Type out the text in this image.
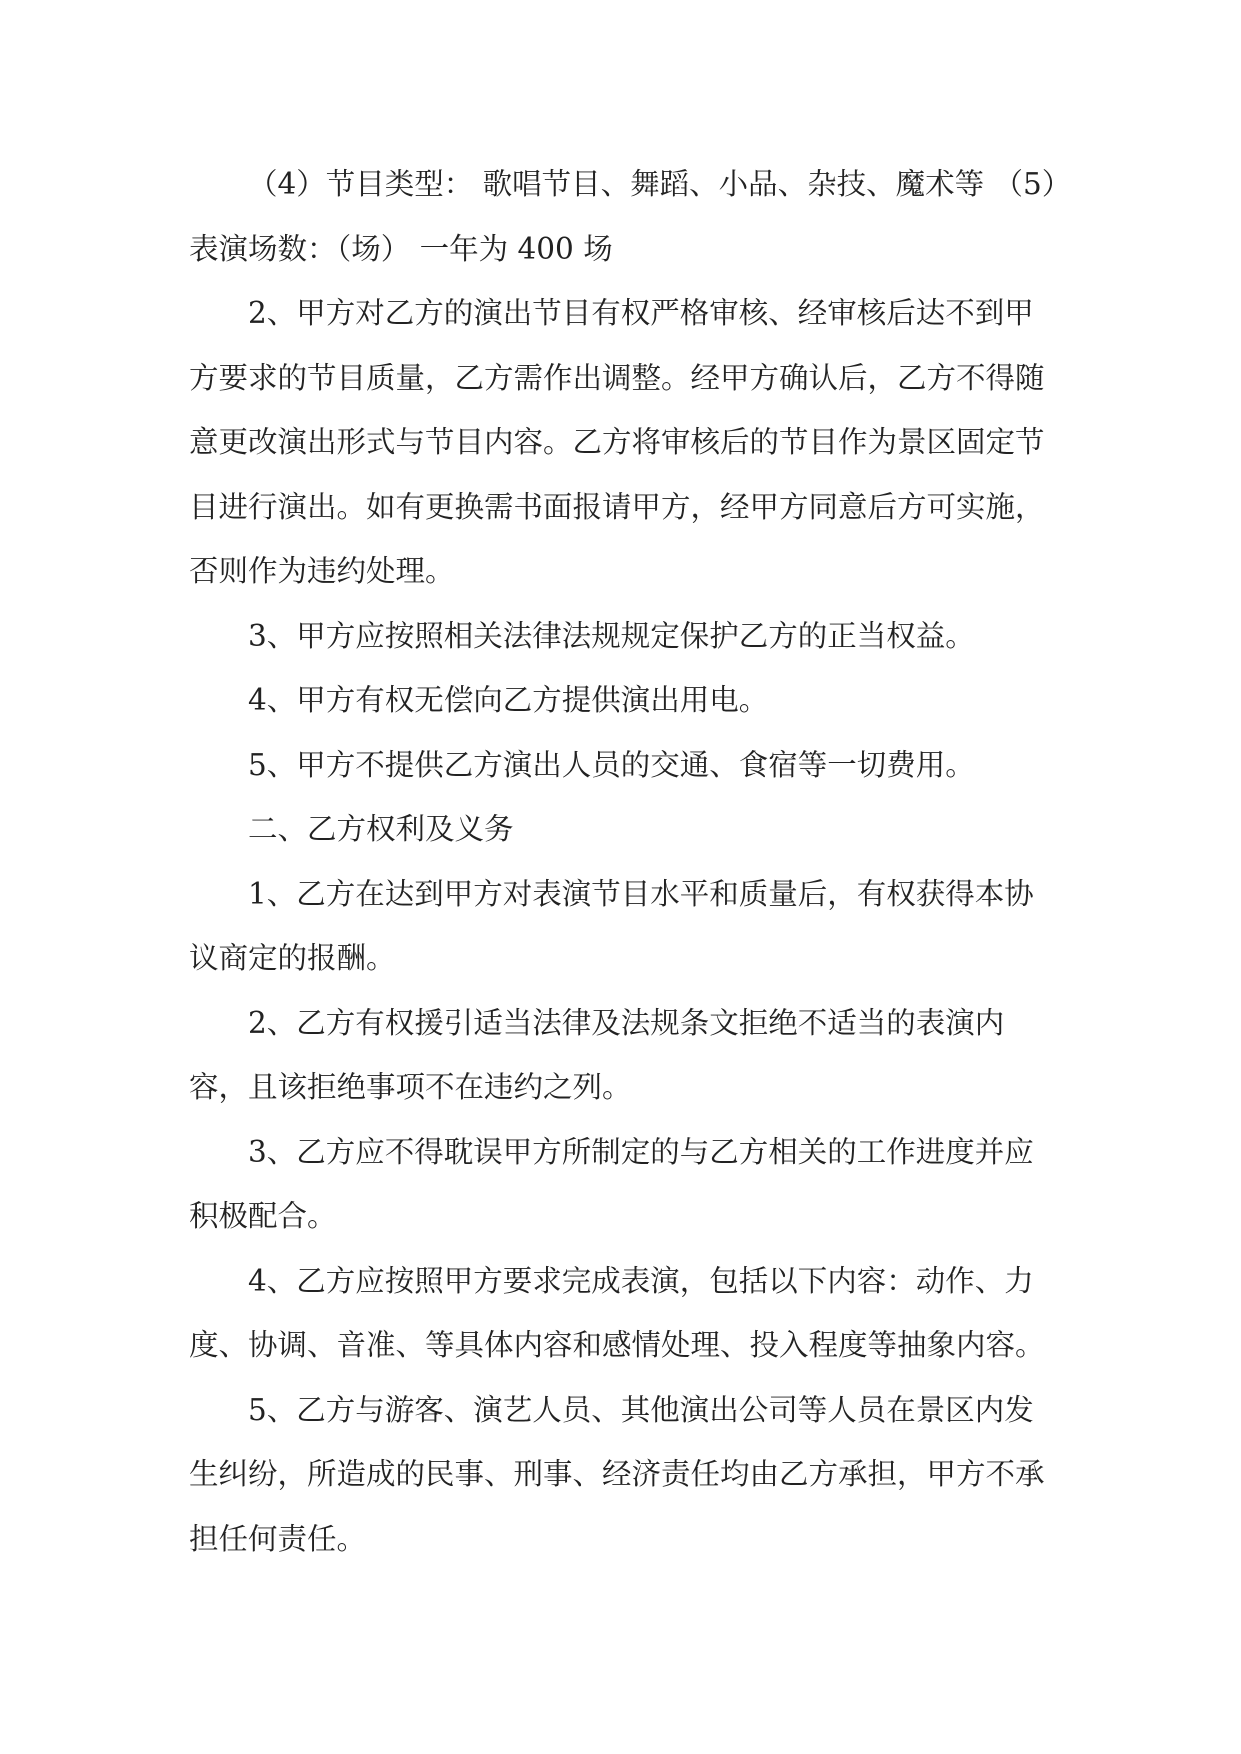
（4）节目类型： 歌唱节目、舞蹈、小品、杂技、魔术等 （5）表演场数：（场） 一年为 400 场

2、甲方对乙方的演出节目有权严格审核、经审核后达不到甲方要求的节目质量，乙方需作出调整。经甲方确认后，乙方不得随意更改演出形式与节目内容。乙方将审核后的节目作为景区固定节目进行演出。如有更换需书面报请甲方，经甲方同意后方可实施，否则作为违约处理。

3、甲方应按照相关法律法规规定保护乙方的正当权益。

4、甲方有权无偿向乙方提供演出用电。

5、甲方不提供乙方演出人员的交通、食宿等一切费用。

二、乙方权利及义务

1、乙方在达到甲方对表演节目水平和质量后，有权获得本协议商定的报酬。

2、乙方有权援引适当法律及法规条文拒绝不适当的表演内容，且该拒绝事项不在违约之列。

3、乙方应不得耽误甲方所制定的与乙方相关的工作进度并应积极配合。

4、乙方应按照甲方要求完成表演，包括以下内容：动作、力度、协调、音准、等具体内容和感情处理、投入程度等抽象内容。

5、乙方与游客、演艺人员、其他演出公司等人员在景区内发生纠纷，所造成的民事、刑事、经济责任均由乙方承担，甲方不承担任何责任。
